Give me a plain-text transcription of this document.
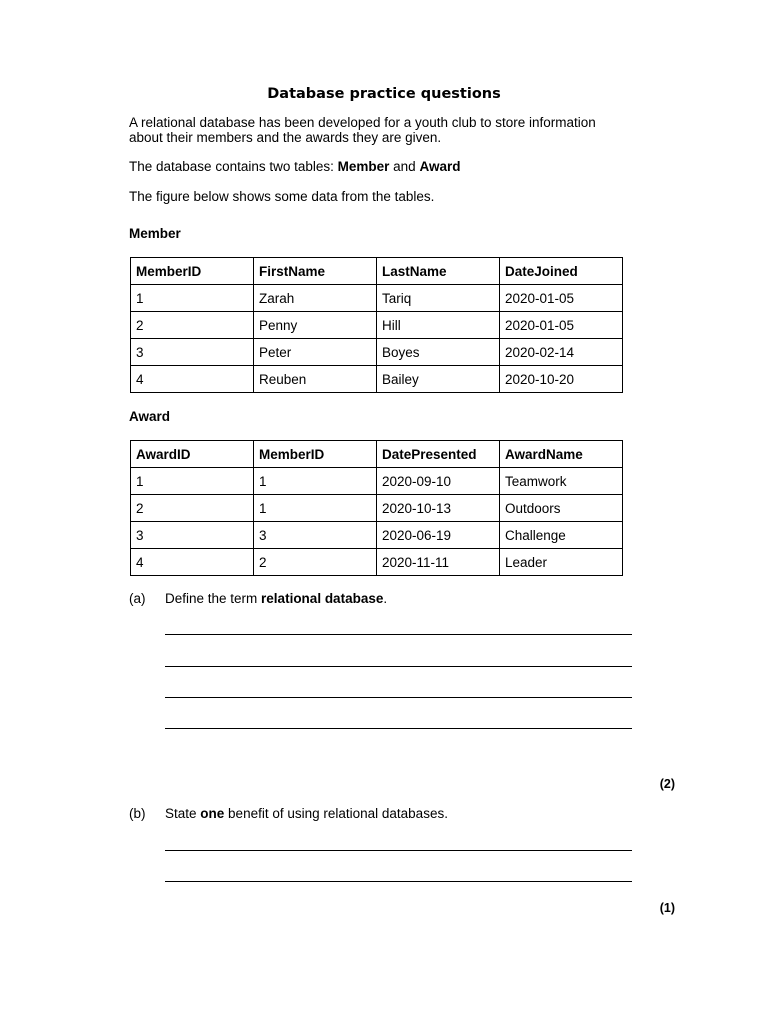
Database practice questions
A relational database has been developed for a youth club to store information
about their members and the awards they are given.
The database contains two tables: Member and Award
The figure below shows some data from the tables.
Member
MemberID	FirstName	LastName	DateJoined
1	Zarah	Tariq	2020-01-05
2	Penny	Hill	2020-01-05
3	Peter	Boyes	2020-02-14
4	Reuben	Bailey	2020-10-20
Award
AwardID	MemberID	DatePresented	AwardName
1	1	2020-09-10	Teamwork
2	1	2020-10-13	Outdoors
3	3	2020-06-19	Challenge
4	2	2020-11-11	Leader
(a) Define the term relational database.
(2)
(b) State one benefit of using relational databases.
(1)
